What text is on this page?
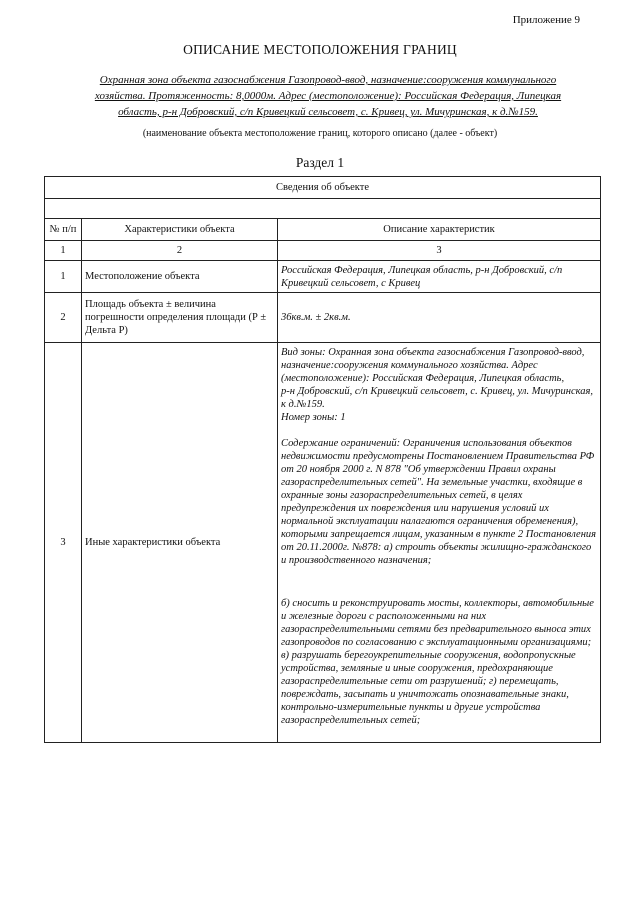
Приложение 9
ОПИСАНИЕ МЕСТОПОЛОЖЕНИЯ ГРАНИЦ
Охранная зона объекта газоснабжения Газопровод-ввод, назначение:сооружения коммунального
хозяйства. Протяженность: 8,0000м. Адрес (местоположение): Российская Федерация, Липецкая
область, р-н Добровский, с/п Кривецкий сельсовет, с. Кривец, ул. Мичуринская, к д.№159.
(наименование объекта местоположение границ, которого описано (далее - объект)
Раздел 1
Сведения об объекте		

№ п/п	Характеристики объекта	Описание характеристик
1	2	3
1	Местоположение объекта	Российская Федерация, Липецкая область, р-н Добровский, с/п Кривецкий сельсовет, с Кривец
2	Площадь объекта ± величина погрешности определения площади (Р ± Дельта Р)	36кв.м. ± 2кв.м.
3	Иные характеристики объекта	Вид зоны: Охранная зона объекта газоснабжения Газопровод-ввод, назначение:сооружения коммунального хозяйства. Адрес (местоположение): Российская Федерация, Липецкая область,

р-н Добровский, с/п Кривецкий сельсовет, с. Кривец, ул. Мичуринская, к д.№159.

Номер зоны: 1

Содержание ограничений: Ограничения использования объектов недвижимости предусмотрены Постановлением Правительства РФ от 20 ноября 2000 г. N 878 "Об утверждении Правил охраны газораспределительных сетей". На земельные участки, входящие в охранные зоны газораспределительных сетей, в целях предупреждения их повреждения или нарушения условий их нормальной эксплуатации налагаются ограничения обременения), которыми запрещается лицам, указанным в пункте 2 Постановления от 20.11.2000г. №878: а) строить объекты жилищно-гражданского и производственного назначения;

б) сносить и реконструировать мосты, коллекторы, автомобильные и железные дороги с расположенными на них газораспределительными сетями без предварительного выноса этих газопроводов по согласованию с эксплуатационными организациями; в) разрушать берегоукрепительные сооружения, водопропускные устройства, земляные и иные сооружения, предохраняющие газораспределительные сети от разрушений; г) перемещать, повреждать, засыпать и уничтожать опознавательные знаки, контрольно-измерительные пункты и другие устройства газораспределительных сетей;
